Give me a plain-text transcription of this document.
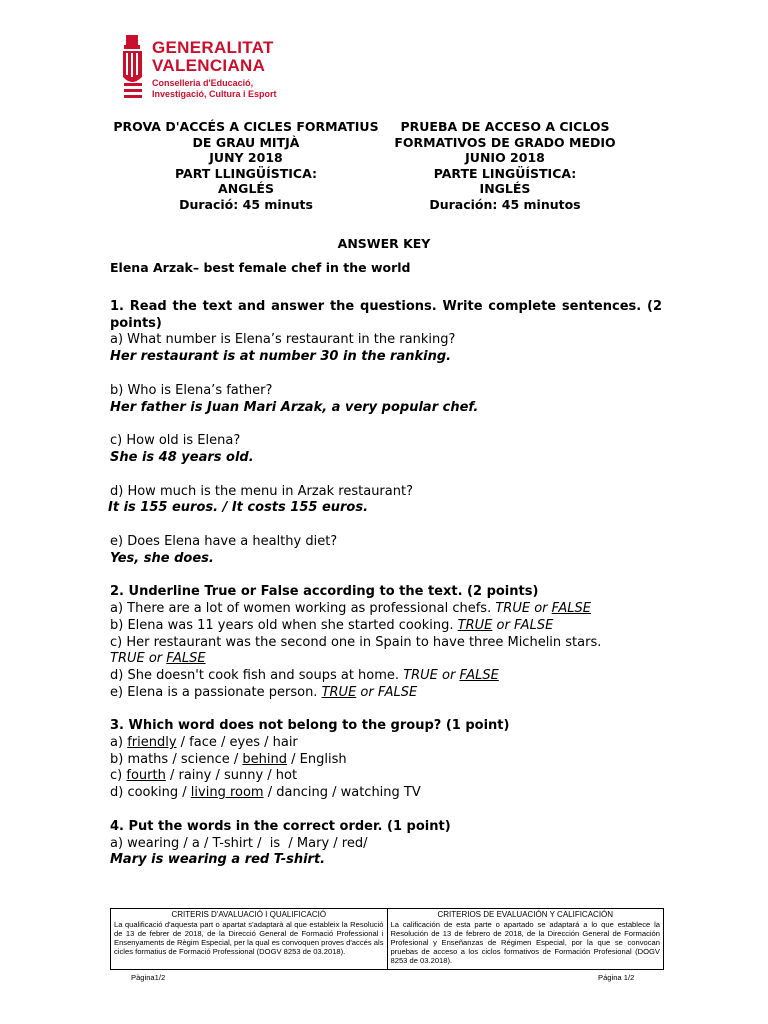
GENERALITAT
VALENCIANA
Conselleria d'Educació,
Investigació, Cultura i Esport
PROVA D'ACCÉS A CICLES FORMATIUS
DE GRAU MITJÀ
JUNY 2018
PART LLINGÜÍSTICA:
ANGLÉS
Duració: 45 minuts
PRUEBA DE ACCESO A CICLOS
FORMATIVOS DE GRADO MEDIO
JUNIO 2018
PARTE LINGÜÍSTICA:
INGLÉS
Duración: 45 minutos
ANSWER KEY
Elena Arzak– best female chef in the world
1. Read the text and answer the questions. Write complete sentences. (2 points)
a) What number is Elena’s restaurant in the ranking?
Her restaurant is at number 30 in the ranking.
b) Who is Elena’s father?
Her father is Juan Mari Arzak, a very popular chef.
c) How old is Elena?
She is 48 years old.
d) How much is the menu in Arzak restaurant?
It is 155 euros. / It costs 155 euros.
e) Does Elena have a healthy diet?
Yes, she does.
2. Underline True or False according to the text. (2 points)
a) There are a lot of women working as professional chefs. TRUE or FALSE
b) Elena was 11 years old when she started cooking. TRUE or FALSE
c) Her restaurant was the second one in Spain to have three Michelin stars.
TRUE or FALSE
d) She doesn't cook fish and soups at home. TRUE or FALSE
e) Elena is a passionate person. TRUE or FALSE
3. Which word does not belong to the group? (1 point)
a) friendly / face / eyes / hair
b) maths / science / behind / English
c) fourth / rainy / sunny / hot
d) cooking / living room / dancing / watching TV
4. Put the words in the correct order. (1 point)
a) wearing / a / T-shirt /  is  / Mary / red/
Mary is wearing a red T-shirt.
CRITERIS D'AVALUACIÓ I QUALIFICACIÓ
La qualificació d'aquesta part o apartat s'adaptarà al que estableix la Resolució de 13 de febrer de 2018, de la Direcció General de Formació Professional i Ensenyaments de Règim Especial, per la qual es convoquen proves d'accés als cicles formatius de Formació Professional (DOGV 8253 de 03.2018).
CRITERIOS DE EVALUACIÓN Y CALIFICACIÓN
La calificación de esta parte o apartado se adaptará a lo que establece la Resolución de 13 de febrero de 2018, de la Dirección General de Formación Profesional y Enseñanzas de Régimen Especial, por la que se convocan pruebas de acceso a los ciclos formativos de Formación Profesional (DOGV 8253 de 03.2018).
Pàgina1/2	Página 1/2
